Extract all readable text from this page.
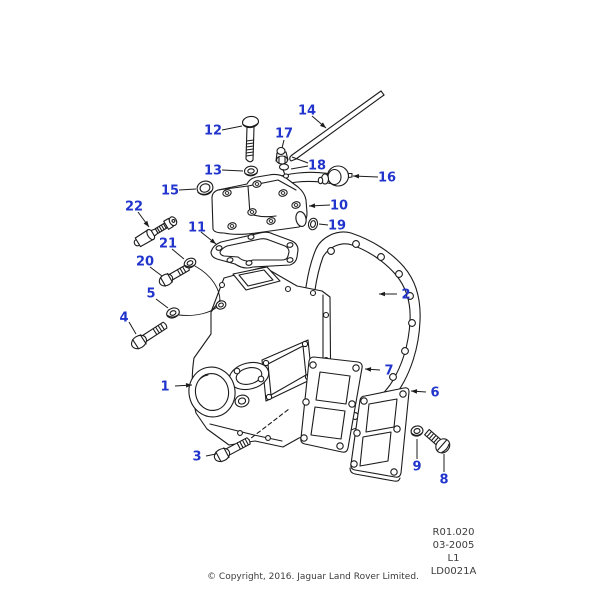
1
2
3
4
5
6
7
8
9
10
11
12
13
14
15
16
17
18
19
20
21
22
R01.020
03-2005
L1
LD0021A
© Copyright, 2016. Jaguar Land Rover Limited.
